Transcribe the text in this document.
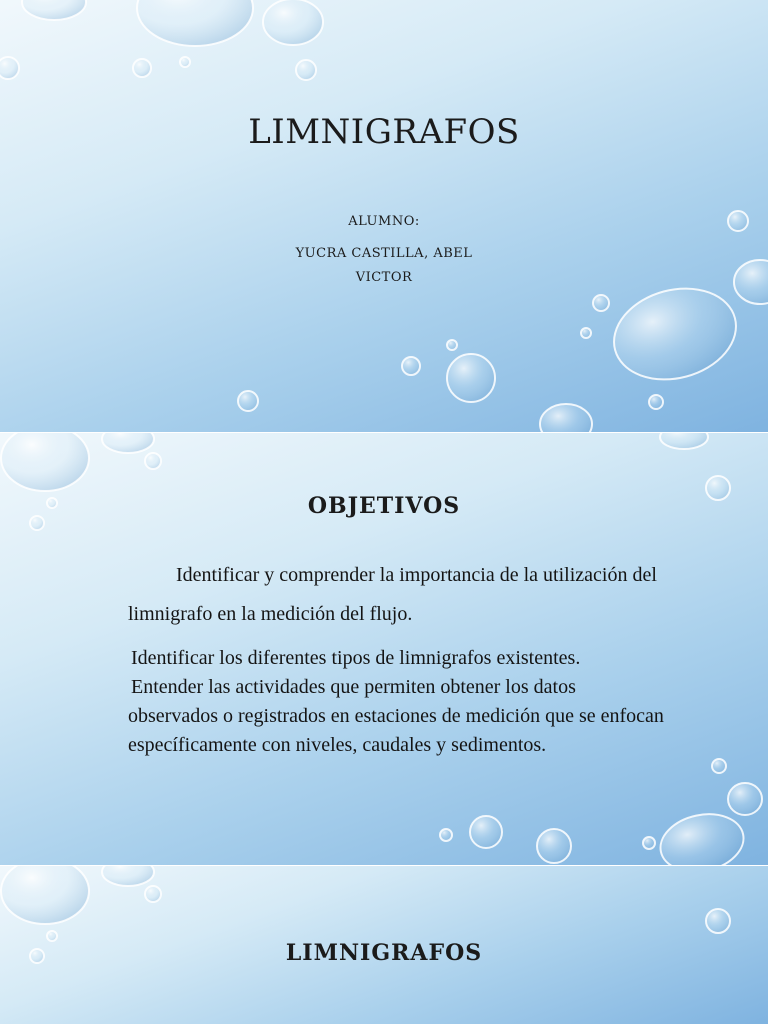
LIMNIGRAFOS
ALUMNO:
YUCRA CASTILLA, ABEL
VICTOR
OBJETIVOS
Identificar y comprender la importancia de la utilización del
limnigrafo en la medición del flujo.
Identificar los diferentes tipos de limnigrafos existentes.
Entender las actividades que permiten obtener los datos
observados o registrados en estaciones de medición que se enfocan
específicamente con niveles, caudales y sedimentos.
LIMNIGRAFOS
